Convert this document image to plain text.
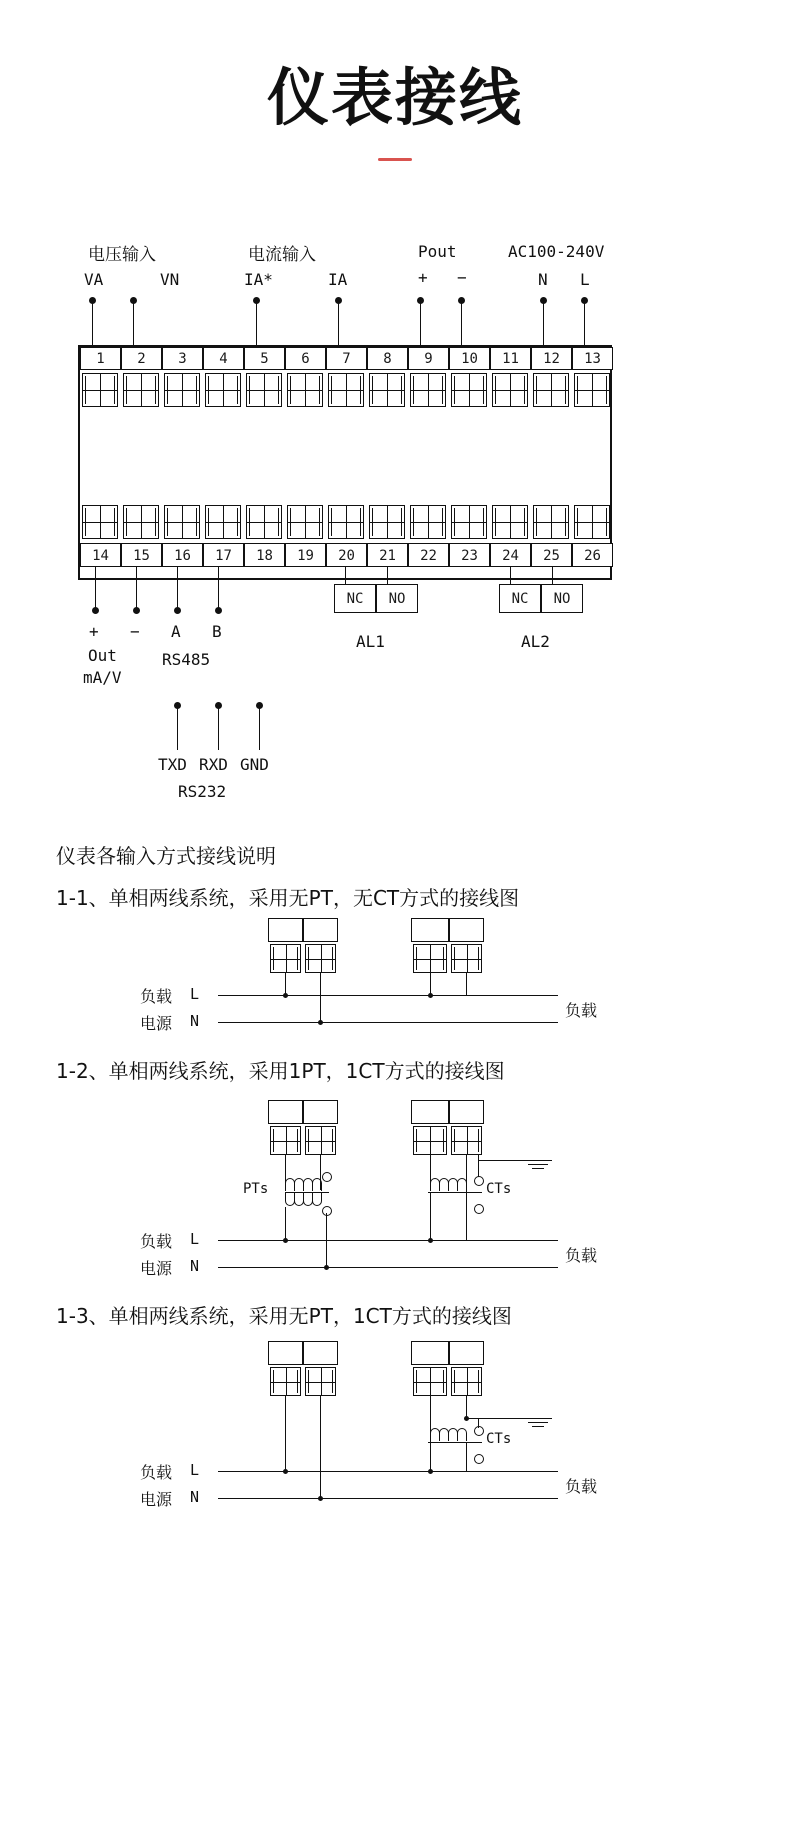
仪表接线
电压输入	电流输入	Pout	AC100-240V
VA	VN	IA*	IA	+ −	N L
1	2	3	4	5	6	7	8	9	10	11	12	13
14	15	16	17	18	19	20	21	22	23	24	25	26
+ − A B
Out
mA/V
RS485
NC	NO
AL1
NC	NO
AL2
TXD RXD GND
RS232
仪表各输入方式接线说明
1-1、单相两线系统，采用无PT，无CT方式的接线图
负载 L
电源 N
负载
1-2、单相两线系统，采用1PT，1CT方式的接线图
PTs	CTs
负载 L
电源 N
负载
1-3、单相两线系统，采用无PT，1CT方式的接线图
CTs
负载 L
电源 N
负载
